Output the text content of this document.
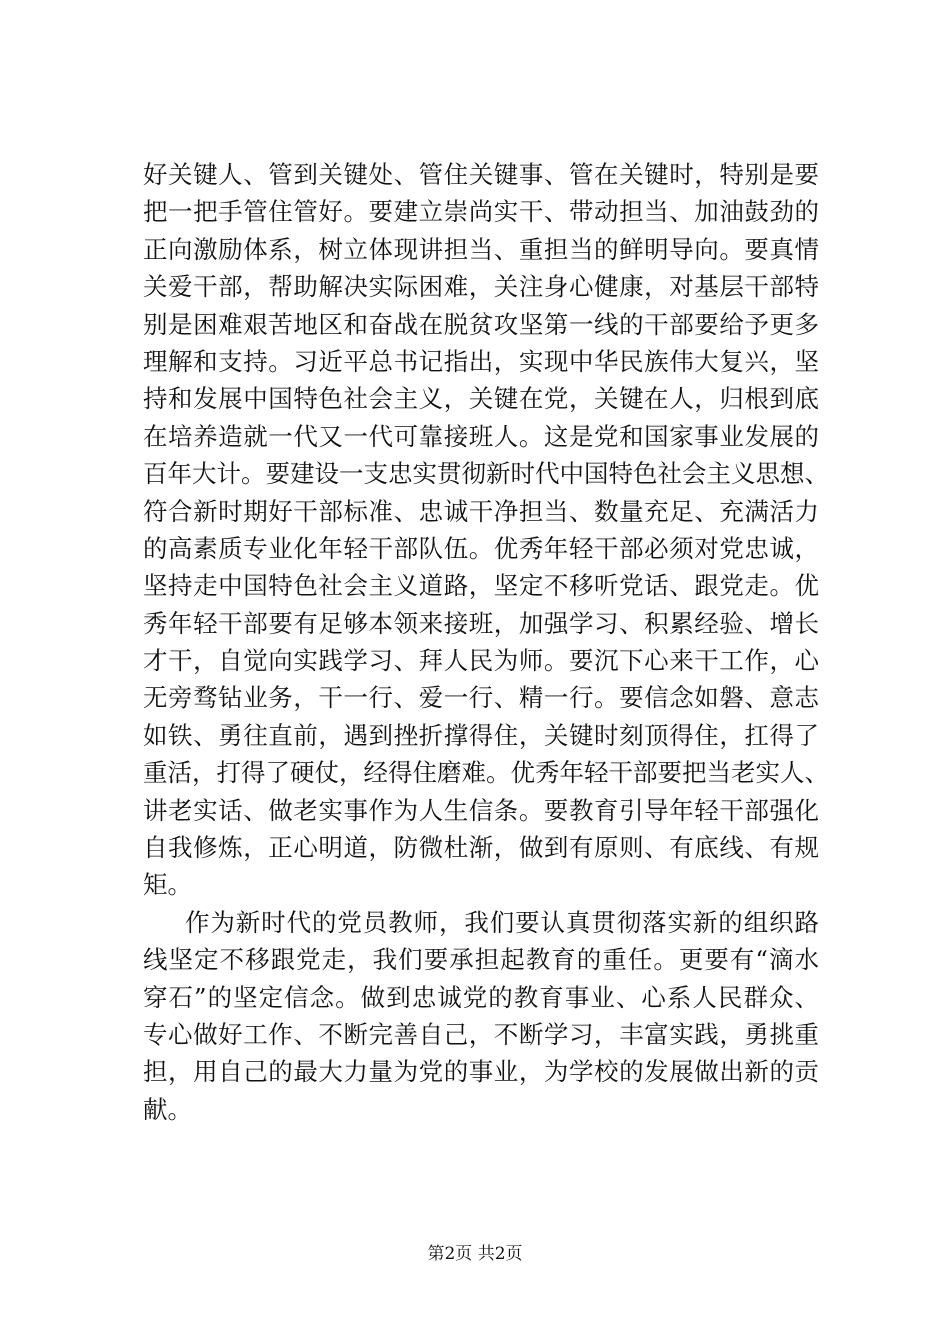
好关键人、管到关键处、管住关键事、管在关键时，特别是要
把一把手管住管好。要建立崇尚实干、带动担当、加油鼓劲的
正向激励体系，树立体现讲担当、重担当的鲜明导向。要真情
关爱干部，帮助解决实际困难，关注身心健康，对基层干部特
别是困难艰苦地区和奋战在脱贫攻坚第一线的干部要给予更多
理解和支持。习近平总书记指出，实现中华民族伟大复兴，坚
持和发展中国特色社会主义，关键在党，关键在人，归根到底
在培养造就一代又一代可靠接班人。这是党和国家事业发展的
百年大计。要建设一支忠实贯彻新时代中国特色社会主义思想、
符合新时期好干部标准、忠诚干净担当、数量充足、充满活力
的高素质专业化年轻干部队伍。优秀年轻干部必须对党忠诚，
坚持走中国特色社会主义道路，坚定不移听党话、跟党走。优
秀年轻干部要有足够本领来接班，加强学习、积累经验、增长
才干，自觉向实践学习、拜人民为师。要沉下心来干工作，心
无旁骛钻业务，干一行、爱一行、精一行。要信念如磐、意志
如铁、勇往直前，遇到挫折撑得住，关键时刻顶得住，扛得了
重活，打得了硬仗，经得住磨难。优秀年轻干部要把当老实人、
讲老实话、做老实事作为人生信条。要教育引导年轻干部强化
自我修炼，正心明道，防微杜渐，做到有原则、有底线、有规
矩。

作为新时代的党员教师，我们要认真贯彻落实新的组织路
线坚定不移跟党走，我们要承担起教育的重任。更要有“滴水
穿石”的坚定信念。做到忠诚党的教育事业、心系人民群众、
专心做好工作、不断完善自己，不断学习，丰富实践，勇挑重
担，用自己的最大力量为党的事业，为学校的发展做出新的贡
献。

第2页 共2页
